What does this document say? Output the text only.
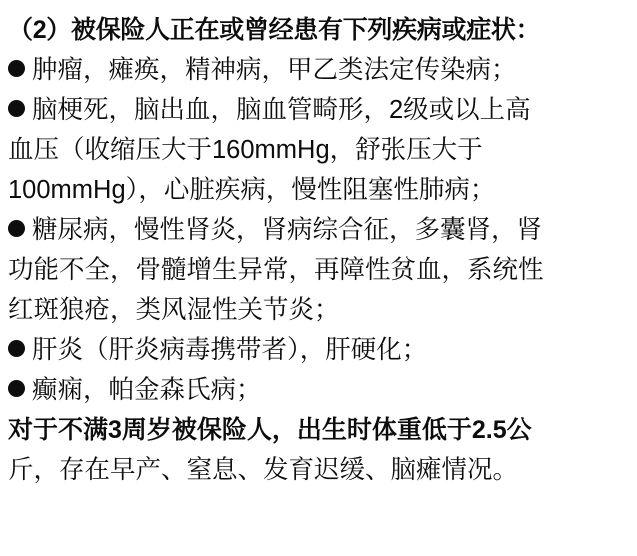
（2）被保险人正在或曾经患有下列疾病或症状：
肿瘤，瘫痪，精神病，甲乙类法定传染病；
脑梗死，脑出血，脑血管畸形，2级或以上高
血压（收缩压大于160mmHg，舒张压大于
100mmHg），心脏疾病，慢性阻塞性肺病；
糖尿病，慢性肾炎，肾病综合征，多囊肾，肾
功能不全，骨髓增生异常，再障性贫血，系统性
红斑狼疮，类风湿性关节炎；
肝炎（肝炎病毒携带者），肝硬化；
癫痫，帕金森氏病；
对于不满3周岁被保险人，出生时体重低于2.5公
斤，存在早产、窒息、发育迟缓、脑瘫情况。
